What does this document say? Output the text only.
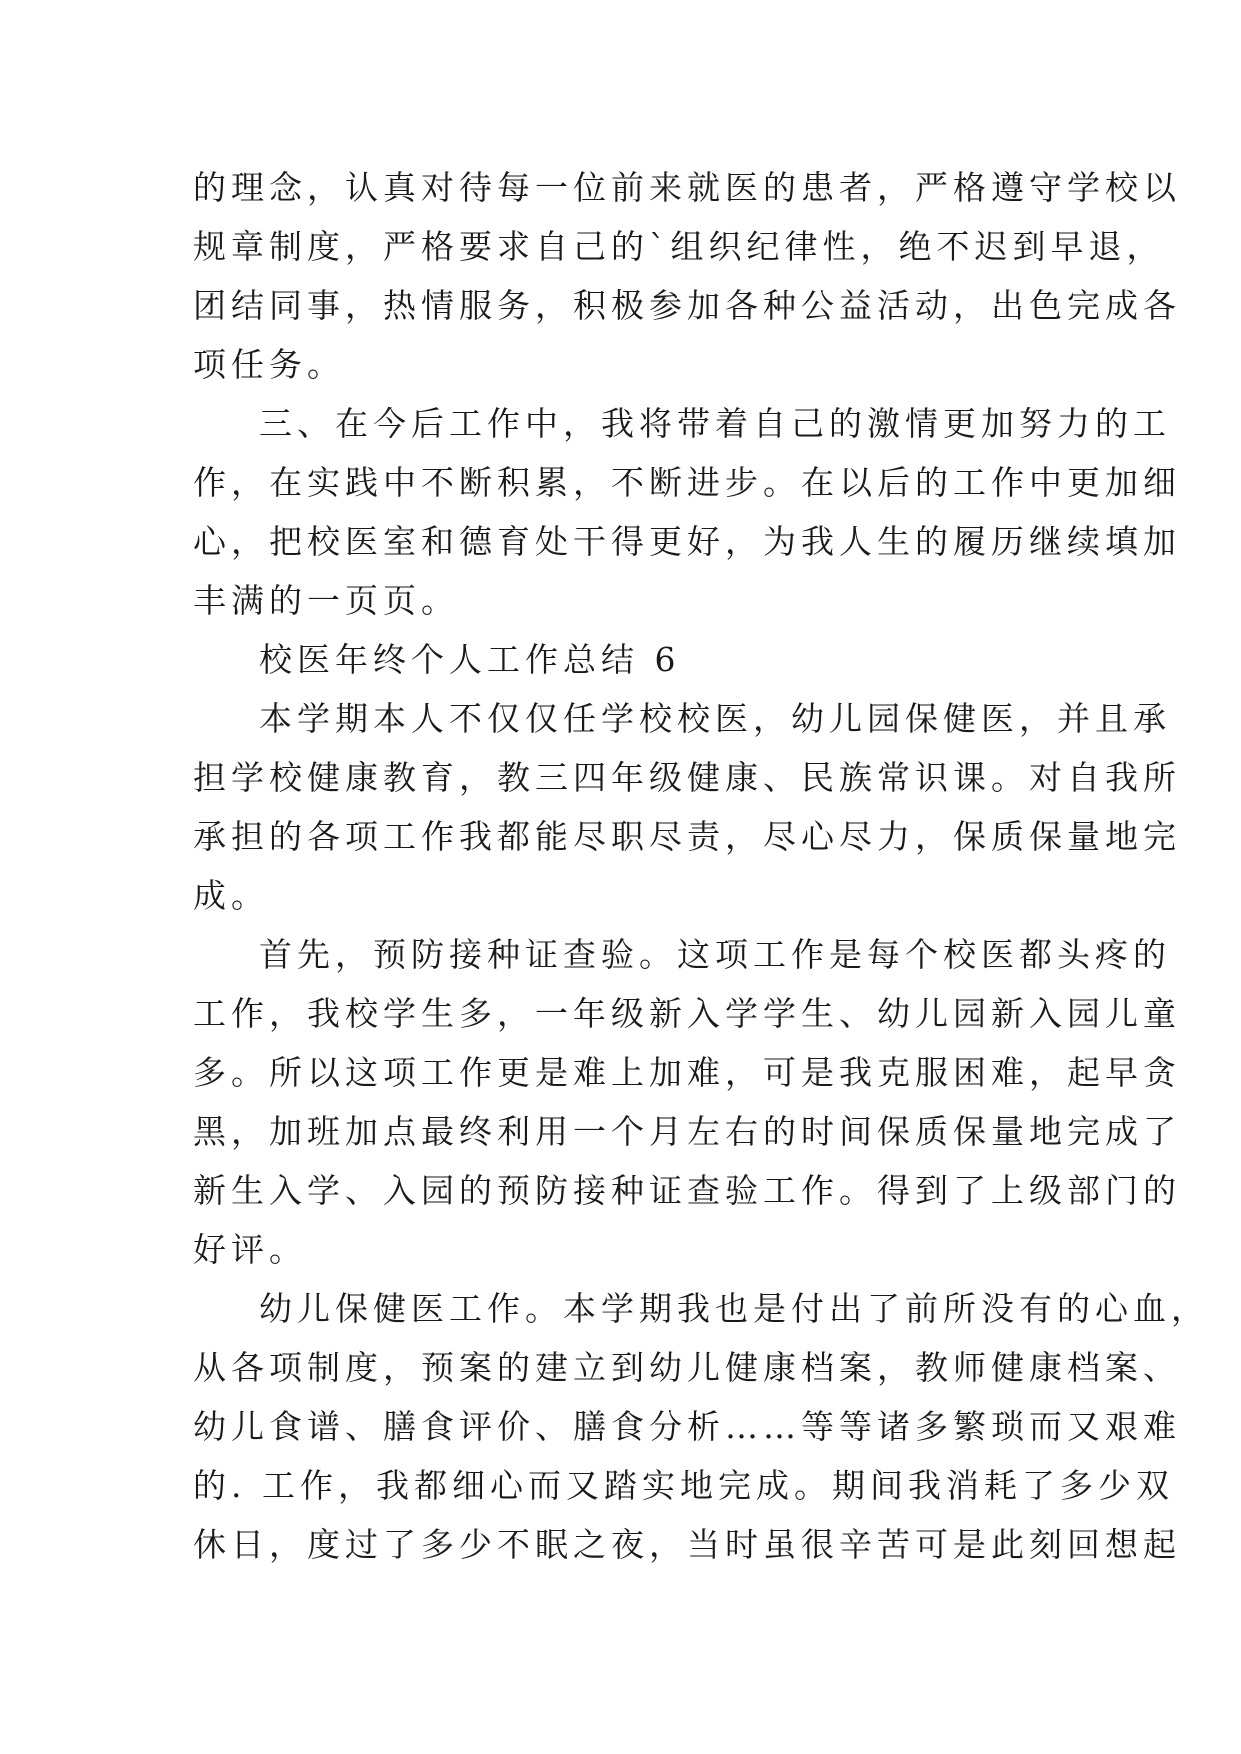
的理念，认真对待每一位前来就医的患者，严格遵守学校以
规章制度，严格要求自己的`组织纪律性，绝不迟到早退，
团结同事，热情服务，积极参加各种公益活动，出色完成各
项任务。
三、在今后工作中，我将带着自己的激情更加努力的工
作，在实践中不断积累，不断进步。在以后的工作中更加细
心，把校医室和德育处干得更好，为我人生的履历继续填加
丰满的一页页。
校医年终个人工作总结 6
本学期本人不仅仅任学校校医，幼儿园保健医，并且承
担学校健康教育，教三四年级健康、民族常识课。对自我所
承担的各项工作我都能尽职尽责，尽心尽力，保质保量地完
成。
首先，预防接种证查验。这项工作是每个校医都头疼的
工作，我校学生多，一年级新入学学生、幼儿园新入园儿童
多。所以这项工作更是难上加难，可是我克服困难，起早贪
黑，加班加点最终利用一个月左右的时间保质保量地完成了
新生入学、入园的预防接种证查验工作。得到了上级部门的
好评。
幼儿保健医工作。本学期我也是付出了前所没有的心血，
从各项制度，预案的建立到幼儿健康档案，教师健康档案、
幼儿食谱、膳食评价、膳食分析……等等诸多繁琐而又艰难
的. 工作，我都细心而又踏实地完成。期间我消耗了多少双
休日，度过了多少不眠之夜，当时虽很辛苦可是此刻回想起
